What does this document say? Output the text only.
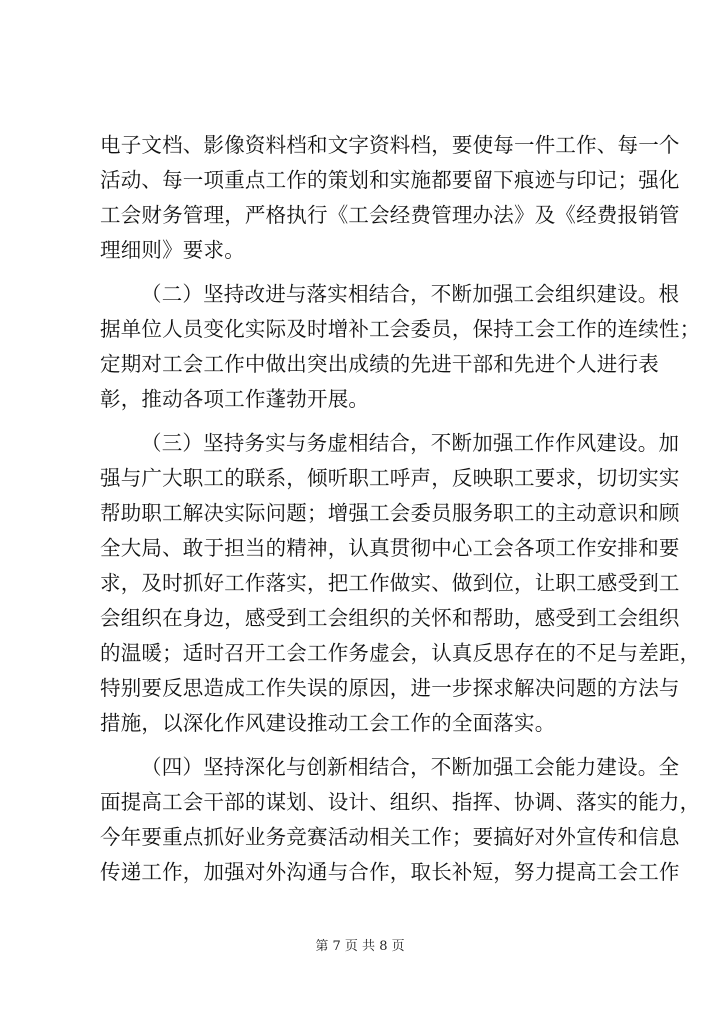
电子文档、影像资料档和文字资料档，要使每一件工作、每一个
活动、每一项重点工作的策划和实施都要留下痕迹与印记；强化
工会财务管理，严格执行《工会经费管理办法》及《经费报销管
理细则》要求。

（二）坚持改进与落实相结合，不断加强工会组织建设。根
据单位人员变化实际及时增补工会委员，保持工会工作的连续性；
定期对工会工作中做出突出成绩的先进干部和先进个人进行表
彰，推动各项工作蓬勃开展。

（三）坚持务实与务虚相结合，不断加强工作作风建设。加
强与广大职工的联系，倾听职工呼声，反映职工要求，切切实实
帮助职工解决实际问题；增强工会委员服务职工的主动意识和顾
全大局、敢于担当的精神，认真贯彻中心工会各项工作安排和要
求，及时抓好工作落实，把工作做实、做到位，让职工感受到工
会组织在身边，感受到工会组织的关怀和帮助，感受到工会组织
的温暖；适时召开工会工作务虚会，认真反思存在的不足与差距，
特别要反思造成工作失误的原因，进一步探求解决问题的方法与
措施，以深化作风建设推动工会工作的全面落实。

（四）坚持深化与创新相结合，不断加强工会能力建设。全
面提高工会干部的谋划、设计、组织、指挥、协调、落实的能力，
今年要重点抓好业务竞赛活动相关工作；要搞好对外宣传和信息
传递工作，加强对外沟通与合作，取长补短，努力提高工会工作

第 7 页 共 8 页
